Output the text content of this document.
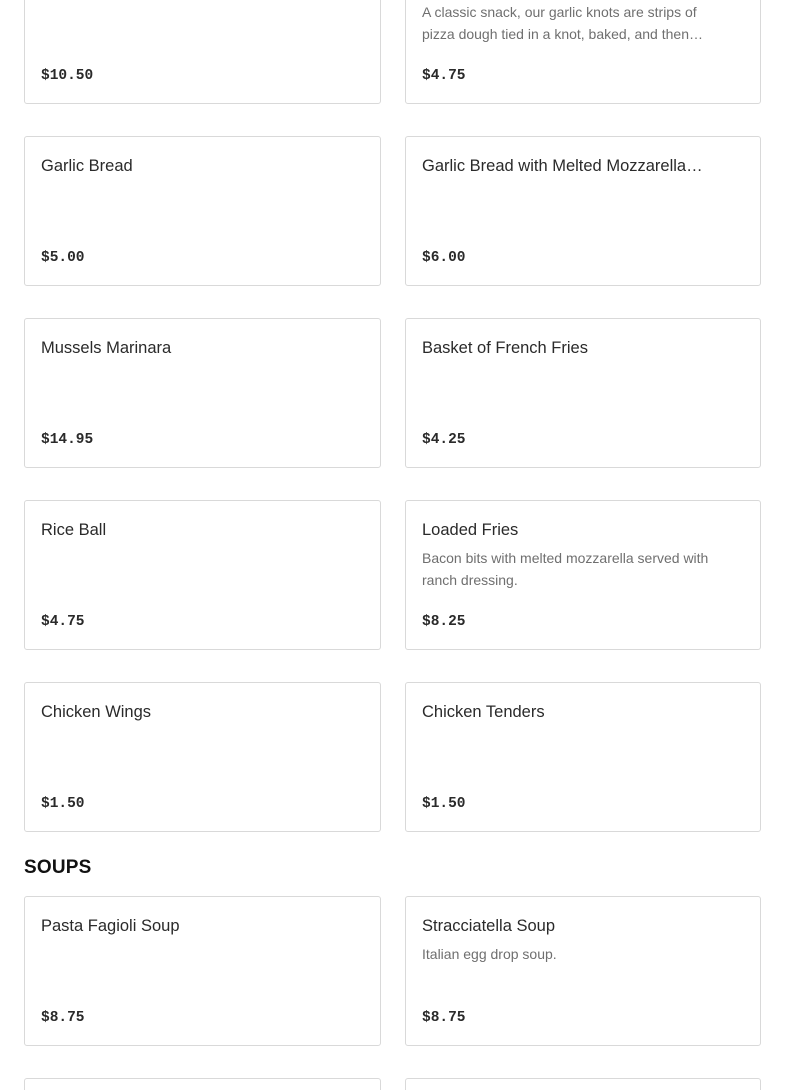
$10.50
A classic snack, our garlic knots are strips of pizza dough tied in a knot, baked, and then…
$4.75
Garlic Bread
$5.00
Garlic Bread with Melted Mozzarella…
$6.00
Mussels Marinara
$14.95
Basket of French Fries
$4.25
Rice Ball
$4.75
Loaded Fries
Bacon bits with melted mozzarella served with ranch dressing.
$8.25
Chicken Wings
$1.50
Chicken Tenders
$1.50
SOUPS
Pasta Fagioli Soup
$8.75
Stracciatella Soup
Italian egg drop soup.
$8.75
